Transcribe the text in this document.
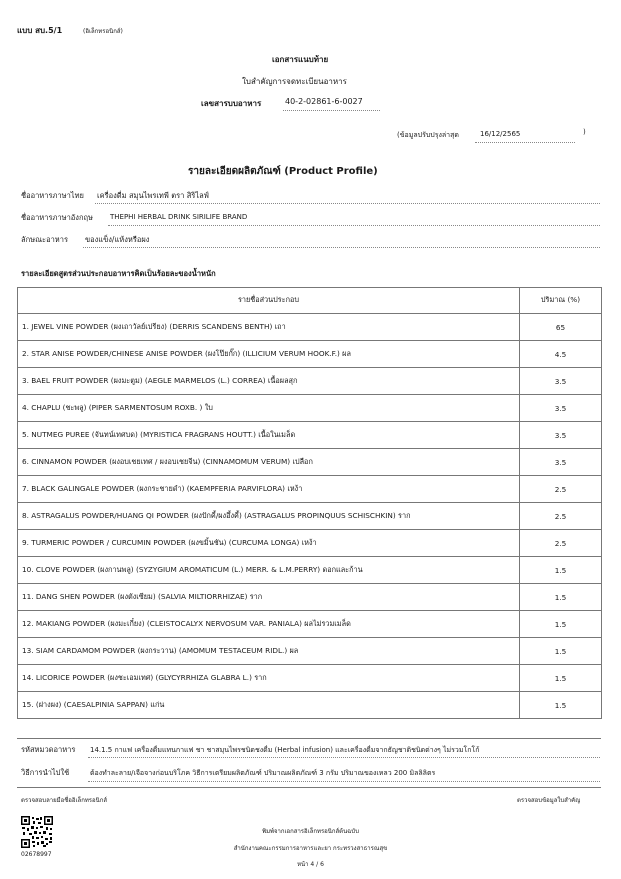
แบบ สบ.5/1	(อิเล็กทรอนิกส์)
เอกสารแนบท้าย
ใบสำคัญการจดทะเบียนอาหาร
เลขสารบบอาหาร	40-2-02861-6-0027
(ข้อมูลปรับปรุงล่าสุด	16/12/2565	)
รายละเอียดผลิตภัณฑ์ (Product Profile)
ชื่ออาหารภาษาไทย เครื่องดื่ม สมุนไพรเทพี ตรา สิริไลฟ์
ชื่ออาหารภาษาอังกฤษ THEPHI HERBAL DRINK SIRILIFE BRAND
ลักษณะอาหาร ของแข็ง/แห้งหรือผง
รายละเอียดสูตรส่วนประกอบอาหารคิดเป็นร้อยละของน้ำหนัก
รายชื่อส่วนประกอบ	ปริมาณ (%)
1. JEWEL VINE POWDER (ผงเถาวัลย์เปรียง) (DERRIS SCANDENS BENTH) เถา	65
2. STAR ANISE POWDER/CHINESE ANISE POWDER (ผงโป๊ยกั๊ก) (ILLICIUM VERUM HOOK.F.) ผล	4.5
3. BAEL FRUIT POWDER (ผงมะตูม) (AEGLE MARMELOS (L.) CORREA) เนื้อผลสุก	3.5
4. CHAPLU (ชะพลู) (PIPER SARMENTOSUM ROXB. ) ใบ	3.5
5. NUTMEG PUREE (จันทน์เทศบด) (MYRISTICA FRAGRANS HOUTT.) เนื้อในเมล็ด	3.5
6. CINNAMON POWDER (ผงอบเชยเทศ / ผงอบเชยจีน) (CINNAMOMUM VERUM) เปลือก	3.5
7. BLACK GALINGALE POWDER (ผงกระชายดำ) (KAEMPFERIA PARVIFLORA) เหง้า	2.5
8. ASTRAGALUS POWDER/HUANG QI POWDER (ผงปักคี้/ผงอึ้งคี้) (ASTRAGALUS PROPINQUUS SCHISCHKIN) ราก	2.5
9. TURMERIC POWDER / CURCUMIN POWDER (ผงขมิ้นชัน) (CURCUMA LONGA) เหง้า	2.5
10. CLOVE POWDER (ผงกานพลู) (SYZYGIUM AROMATICUM (L.) MERR. & L.M.PERRY) ดอกและก้าน	1.5
11. DANG SHEN POWDER (ผงตังเซียม) (SALVIA MILTIORRHIZAE) ราก	1.5
12. MAKIANG POWDER (ผงมะเกี๋ยง) (CLEISTOCALYX NERVOSUM VAR. PANIALA) ผลไม่รวมเมล็ด	1.5
13. SIAM CARDAMOM POWDER (ผงกระวาน) (AMOMUM TESTACEUM RIDL.) ผล	1.5
14. LICORICE POWDER (ผงชะเอมเทศ) (GLYCYRRHIZA GLABRA L.) ราก	1.5
15. (ฝางผง) (CAESALPINIA SAPPAN) แก่น	1.5
รหัสหมวดอาหาร 14.1.5 กาแฟ เครื่องดื่มแทนกาแฟ ชา ชาสมุนไพรชนิดชงดื่ม (Herbal infusion) และเครื่องดื่มจากธัญชาติชนิดต่างๆ ไม่รวมโกโก้
วิธีการนำไปใช้	ต้องทำละลาย/เจือจางก่อนบริโภค วิธีการเตรียมผลิตภัณฑ์ ปริมาณผลิตภัณฑ์ 3 กรัม ปริมาณของเหลว 200 มิลลิลิตร
ตรวจสอบลายมือชื่ออิเล็กทรอนิกส์	ตรวจสอบข้อมูลใบสำคัญ
02678997
พิมพ์จากเอกสารอิเล็กทรอนิกส์ต้นฉบับ
สำนักงานคณะกรรมการอาหารและยา กระทรวงสาธารณสุข
หน้า 4 / 6
